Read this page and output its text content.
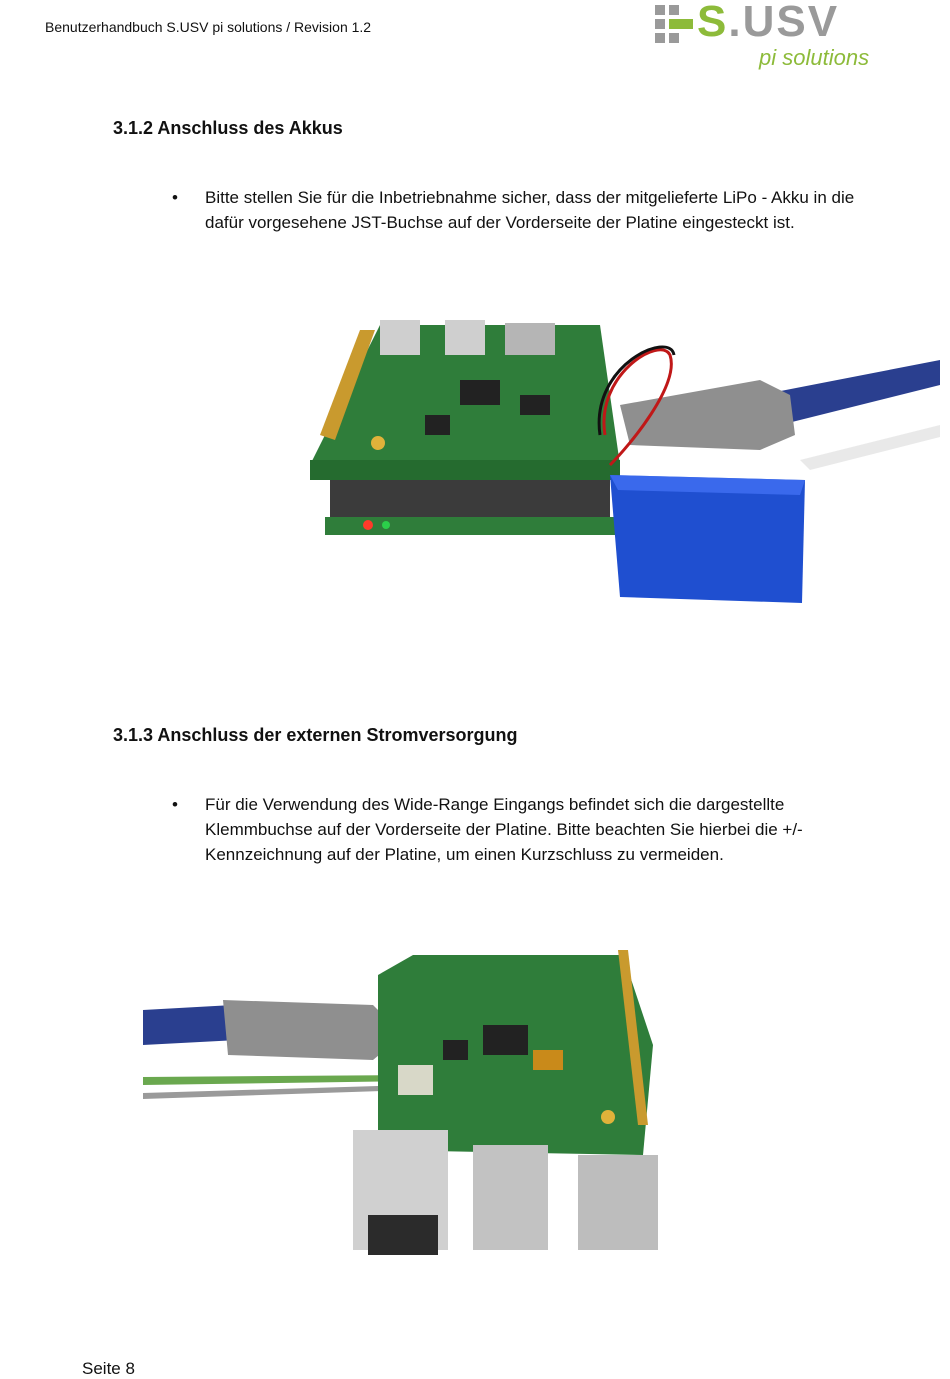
Benutzerhandbuch S.USV pi solutions / Revision 1.2	S.USV
pi solutions
3.1.2 Anschluss des Akkus
• Bitte stellen Sie für die Inbetriebnahme sicher, dass der mitgelieferte LiPo - Akku in die dafür vorgesehene JST-Buchse auf der Vorderseite der Platine eingesteckt ist.
3.1.3 Anschluss der externen Stromversorgung
• Für die Verwendung des Wide-Range Eingangs befindet sich die dargestellte Klemmbuchse auf der Vorderseite der Platine. Bitte beachten Sie hierbei die +/- Kennzeichnung auf der Platine, um einen Kurzschluss zu vermeiden.
Seite 8
